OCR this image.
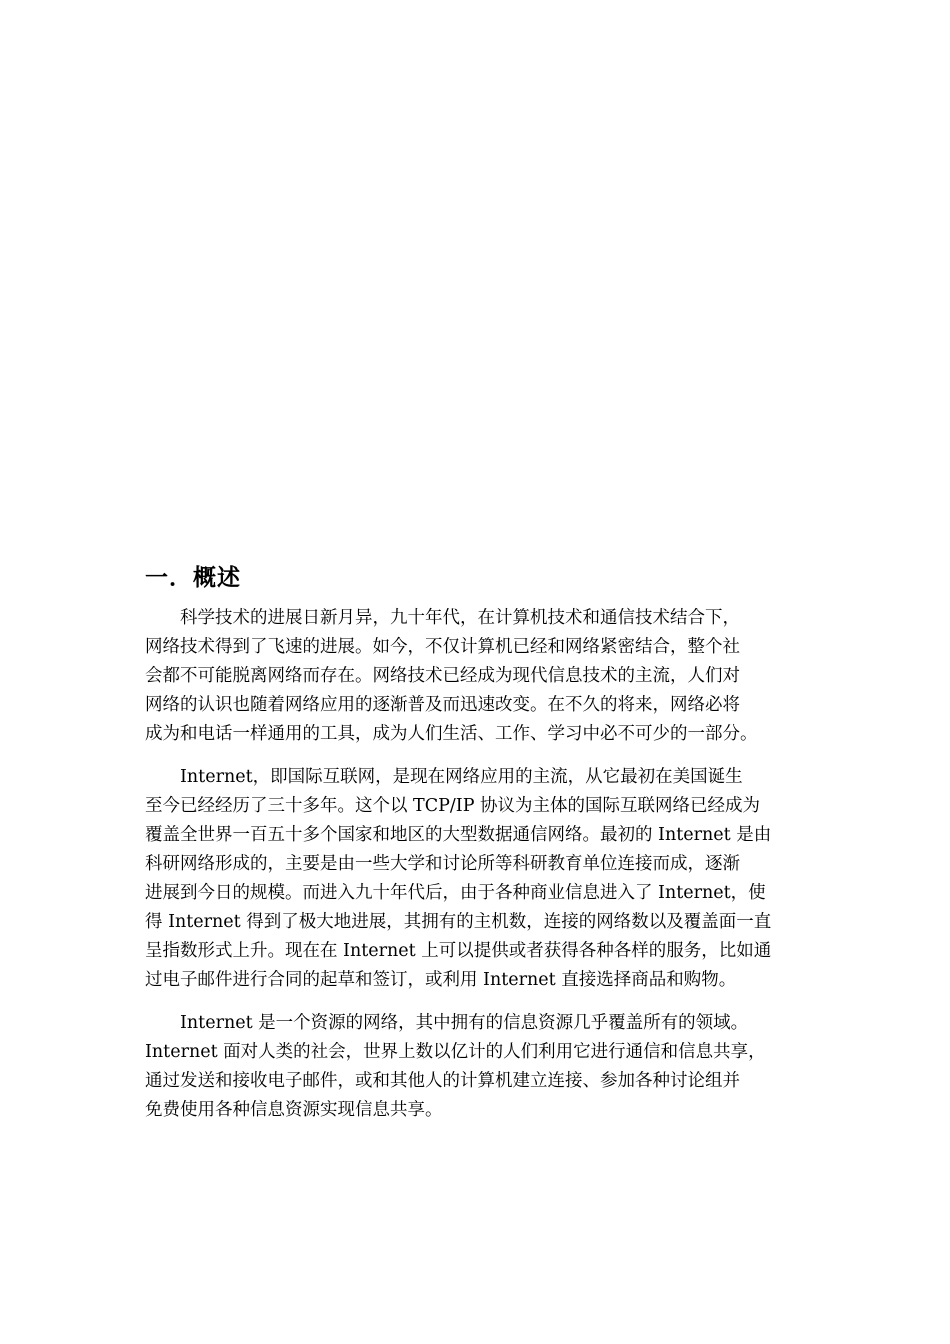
一．概述
科学技术的进展日新月异，九十年代，在计算机技术和通信技术结合下，
网络技术得到了飞速的进展。如今，不仅计算机已经和网络紧密结合，整个社
会都不可能脱离网络而存在。网络技术已经成为现代信息技术的主流，人们对
网络的认识也随着网络应用的逐渐普及而迅速改变。在不久的将来，网络必将
成为和电话一样通用的工具，成为人们生活、工作、学习中必不可少的一部分。
Internet，即国际互联网，是现在网络应用的主流，从它最初在美国诞生
至今已经经历了三十多年。这个以 TCP/IP 协议为主体的国际互联网络已经成为
覆盖全世界一百五十多个国家和地区的大型数据通信网络。最初的 Internet 是由
科研网络形成的，主要是由一些大学和讨论所等科研教育单位连接而成，逐渐
进展到今日的规模。而进入九十年代后，由于各种商业信息进入了 Internet，使
得 Internet 得到了极大地进展，其拥有的主机数，连接的网络数以及覆盖面一直
呈指数形式上升。现在在 Internet 上可以提供或者获得各种各样的服务，比如通
过电子邮件进行合同的起草和签订，或利用 Internet 直接选择商品和购物。
Internet 是一个资源的网络，其中拥有的信息资源几乎覆盖所有的领域。
Internet 面对人类的社会，世界上数以亿计的人们利用它进行通信和信息共享，
通过发送和接收电子邮件，或和其他人的计算机建立连接、参加各种讨论组并
免费使用各种信息资源实现信息共享。
